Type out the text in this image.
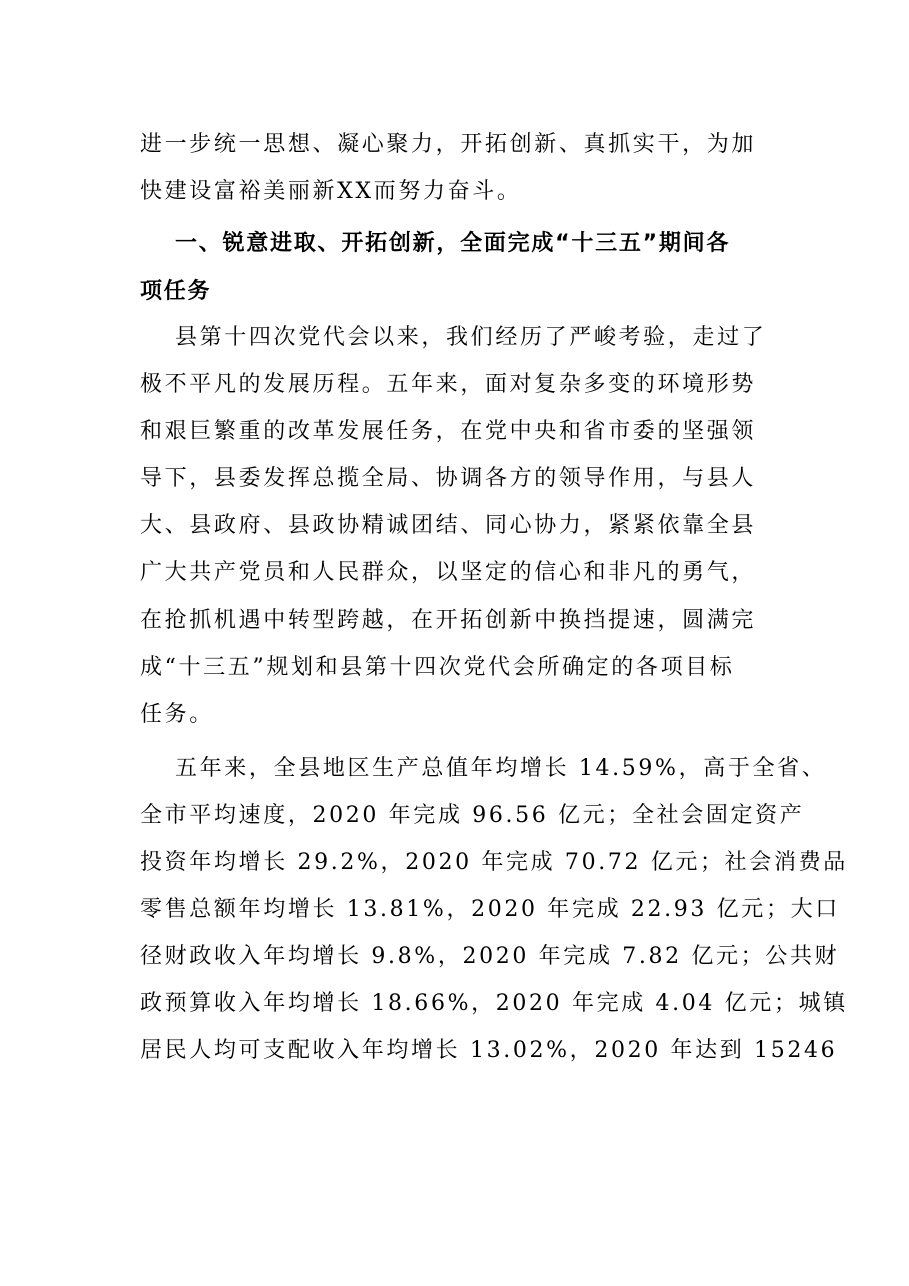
进一步统一思想、凝心聚力，开拓创新、真抓实干，为加
快建设富裕美丽新XX而努力奋斗。
一、锐意进取、开拓创新，全面完成“十三五”期间各
项任务
县第十四次党代会以来，我们经历了严峻考验，走过了
极不平凡的发展历程。五年来，面对复杂多变的环境形势
和艰巨繁重的改革发展任务，在党中央和省市委的坚强领
导下，县委发挥总揽全局、协调各方的领导作用，与县人
大、县政府、县政协精诚团结、同心协力，紧紧依靠全县
广大共产党员和人民群众，以坚定的信心和非凡的勇气，
在抢抓机遇中转型跨越，在开拓创新中换挡提速，圆满完
成“十三五”规划和县第十四次党代会所确定的各项目标
任务。
五年来，全县地区生产总值年均增长 14.59%，高于全省、
全市平均速度，2020 年完成 96.56 亿元；全社会固定资产
投资年均增长 29.2%，2020 年完成 70.72 亿元；社会消费品
零售总额年均增长 13.81%，2020 年完成 22.93 亿元；大口
径财政收入年均增长 9.8%，2020 年完成 7.82 亿元；公共财
政预算收入年均增长 18.66%，2020 年完成 4.04 亿元；城镇
居民人均可支配收入年均增长 13.02%，2020 年达到 15246
